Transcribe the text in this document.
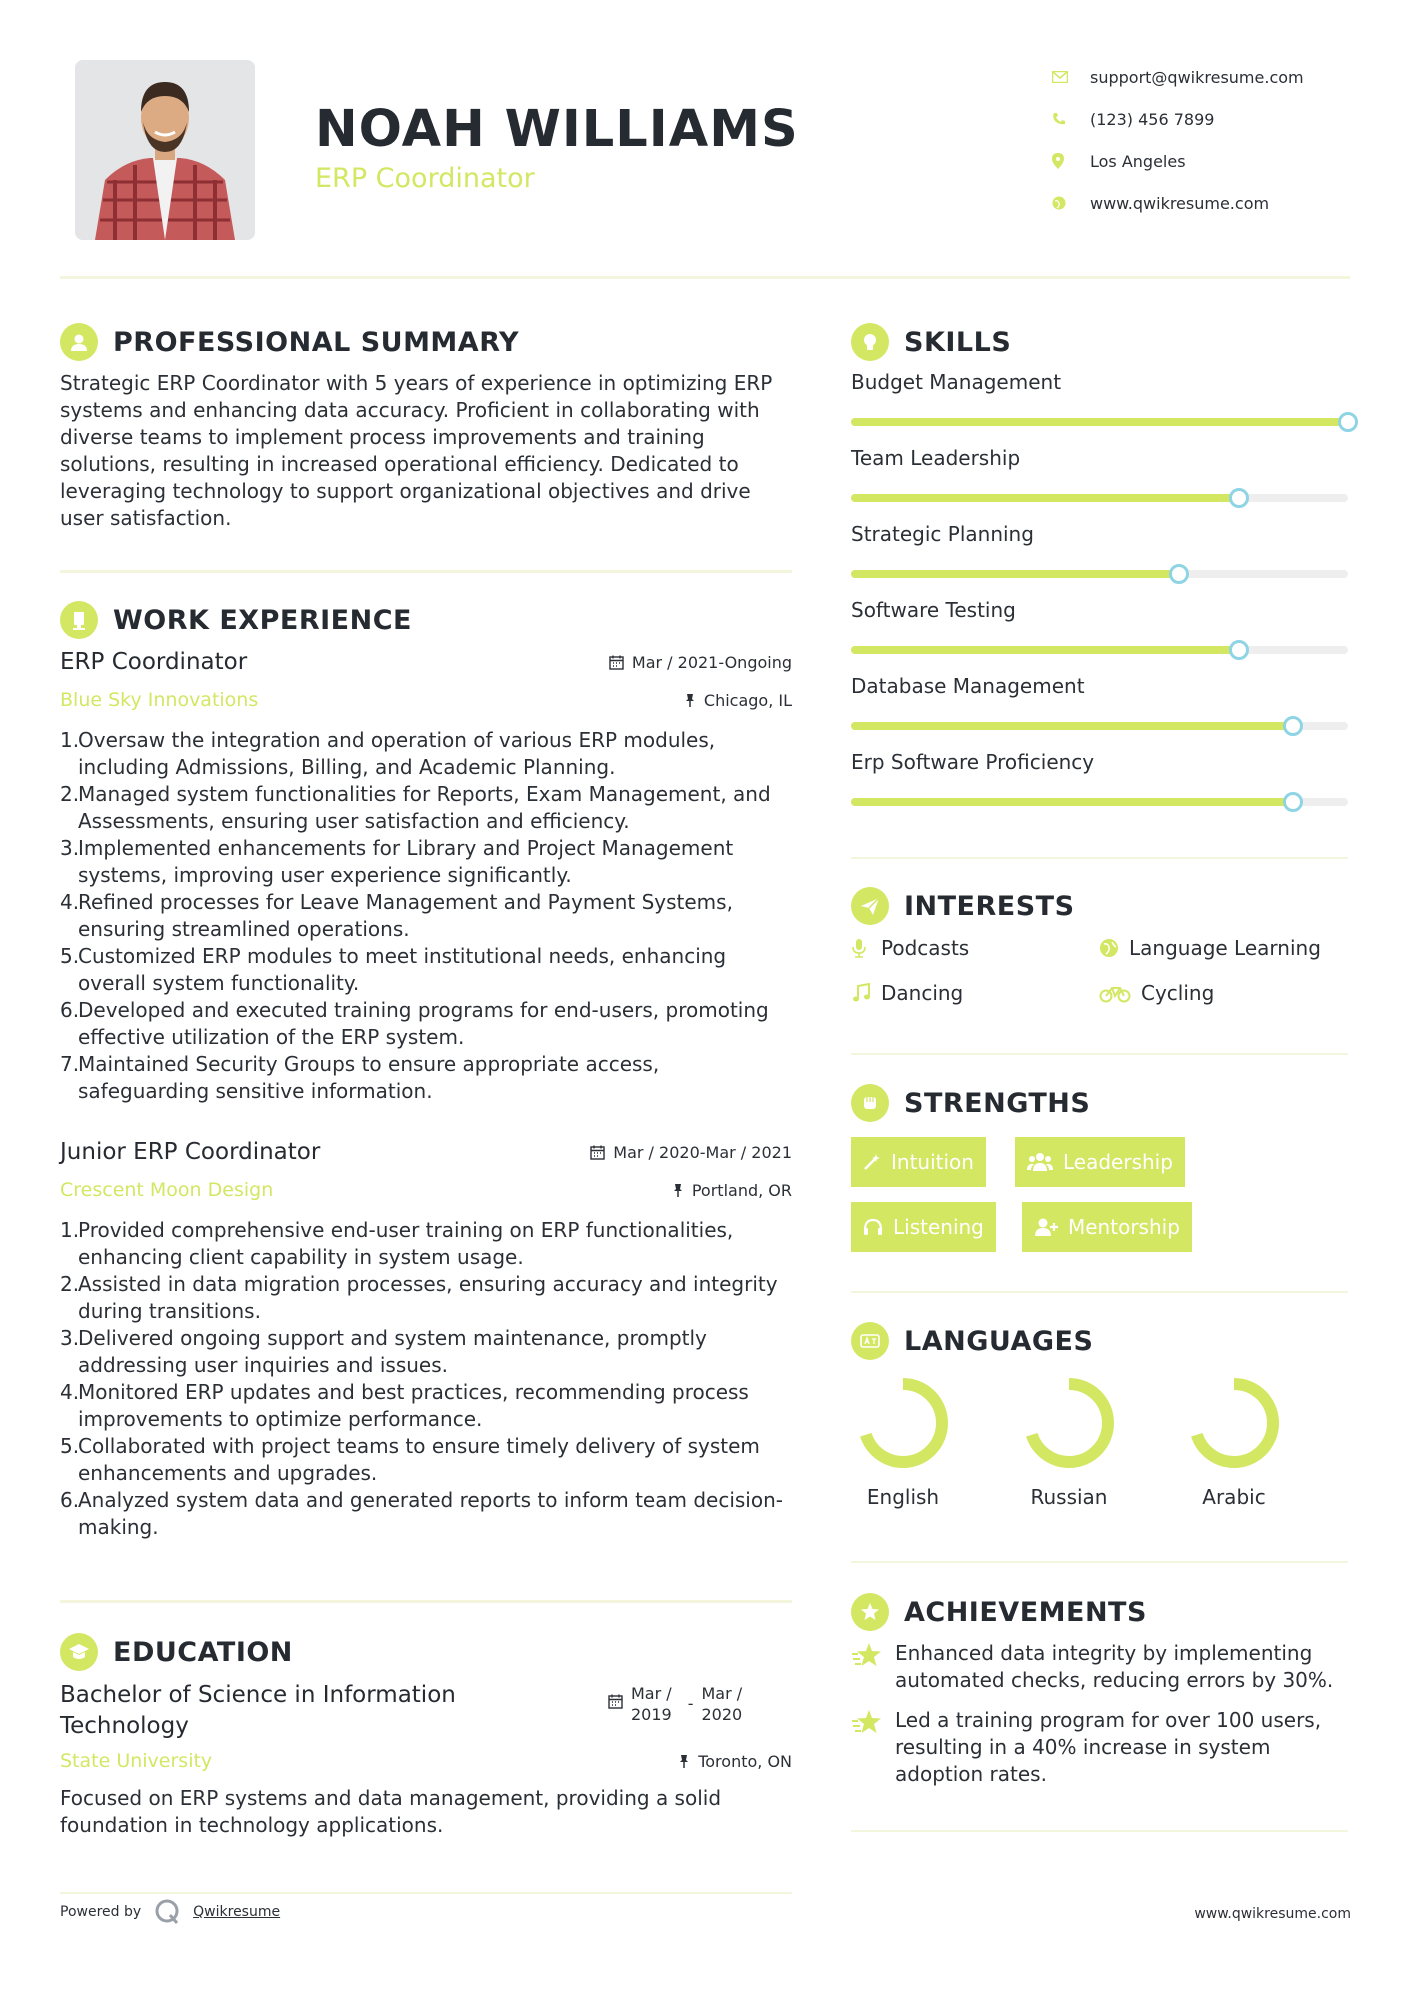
NOAH WILLIAMS
ERP Coordinator
support@qwikresume.com
(123) 456 7899
Los Angeles
www.qwikresume.com
PROFESSIONAL SUMMARY

Strategic ERP Coordinator with 5 years of experience in optimizing ERP systems and enhancing data accuracy. Proficient in collaborating with diverse teams to implement process improvements and training solutions, resulting in increased operational efficiency. Dedicated to leveraging technology to support organizational objectives and drive user satisfaction.

WORK EXPERIENCE
ERP Coordinator	Mar / 2021-Ongoing
Blue Sky Innovations	Chicago, IL
1.
Oversaw the integration and operation of various ERP modules, including Admissions, Billing, and Academic Planning.
2.
Managed system functionalities for Reports, Exam Management, and Assessments, ensuring user satisfaction and efficiency.
3.
Implemented enhancements for Library and Project Management systems, improving user experience significantly.
4.
Refined processes for Leave Management and Payment Systems, ensuring streamlined operations.
5.
Customized ERP modules to meet institutional needs, enhancing overall system functionality.
6.
Developed and executed training programs for end-users, promoting effective utilization of the ERP system.
7.
Maintained Security Groups to ensure appropriate access, safeguarding sensitive information.
Junior ERP Coordinator	Mar / 2020-Mar / 2021
Crescent Moon Design	Portland, OR
1.
Provided comprehensive end-user training on ERP functionalities, enhancing client capability in system usage.
2.
Assisted in data migration processes, ensuring accuracy and integrity during transitions.
3.
Delivered ongoing support and system maintenance, promptly addressing user inquiries and issues.
4.
Monitored ERP updates and best practices, recommending process improvements to optimize performance.
5.
Collaborated with project teams to ensure timely delivery of system enhancements and upgrades.
6.
Analyzed system data and generated reports to inform team decision-making.
EDUCATION
Bachelor of Science in Information
Technology
Mar /
2019
-
Mar /
2020
State University	Toronto, ON

Focused on ERP systems and data management, providing a solid foundation in technology applications.

SKILLS
Budget Management
Team Leadership
Strategic Planning
Software Testing
Database Management
Erp Software Proficiency
INTERESTS
Podcasts	Language Learning
Dancing	Cycling
STRENGTHS
Intuition	Leadership
Listening	Mentorship
LANGUAGES
English	Russian	Arabic
ACHIEVEMENTS
Enhanced data integrity by implementing automated checks, reducing errors by 30%.
Led a training program for over 100 users, resulting in a 40% increase in system adoption rates.
Powered by	Qwikresume	www.qwikresume.com
